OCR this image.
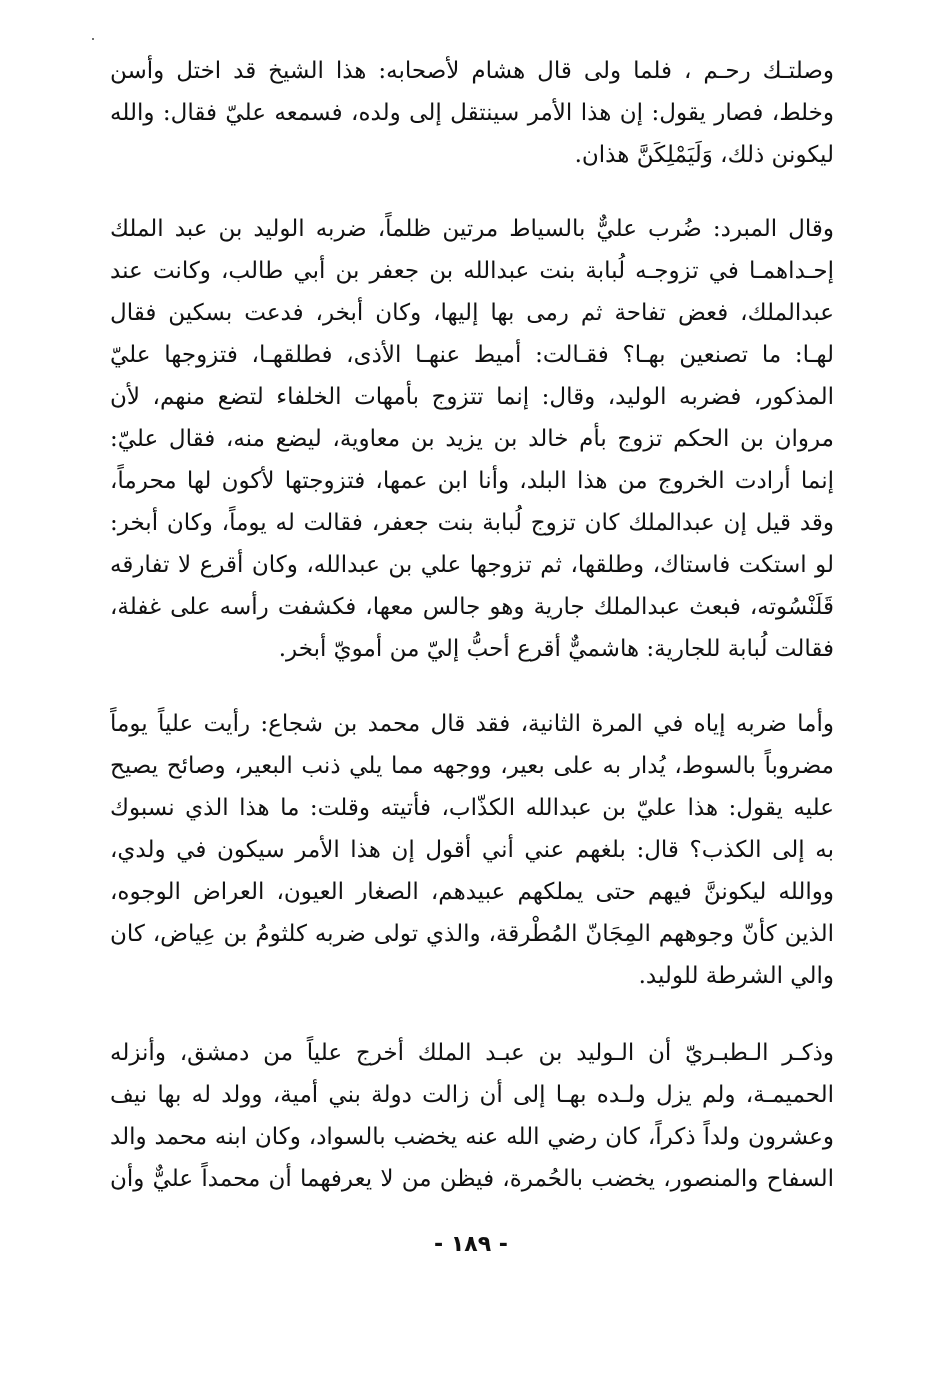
وصلتـك رحـم ، فلما ولى قال هشام لأصحابه: هذا الشيخ قد اختل وأسن
وخلط، فصار يقول: إن هذا الأمر سينتقل إلى ولده، فسمعه عليّ فقال: والله
ليكونن ذلك، وَلَيَمْلِكَنَّ هذان.
وقال المبرد: ضُرب عليٌّ بالسياط مرتين ظلماً، ضربه الوليد بن عبد الملك
إحـداهمـا في تزوجـه لُبابة بنت عبدالله بن جعفر بن أبي طالب، وكانت عند
عبدالملك، فعض تفاحة ثم رمى بها إليها، وكان أبخر، فدعت بسكين فقال
لهـا: ما تصنعين بهـا؟ فقـالت: أميط عنهـا الأذى، فطلقهـا، فتزوجها عليّ
المذكور، فضربه الوليد، وقال: إنما تتزوج بأمهات الخلفاء لتضع منهم، لأن
مروان بن الحكم تزوج بأم خالد بن يزيد بن معاوية، ليضع منه، فقال عليّ:
إنما أرادت الخروج من هذا البلد، وأنا ابن عمها، فتزوجتها لأكون لها محرماً،
وقد قيل إن عبدالملك كان تزوج لُبابة بنت جعفر، فقالت له يوماً، وكان أبخر:
لو استكت فاستاك، وطلقها، ثم تزوجها علي بن عبدالله، وكان أقرع لا تفارقه
قَلَنْسُوته، فبعث عبدالملك جارية وهو جالس معها، فكشفت رأسه على غفلة،
فقالت لُبابة للجارية: هاشميٌّ أقرع أحبُّ إليّ من أمويّ أبخر.
وأما ضربه إياه في المرة الثانية، فقد قال محمد بن شجاع: رأيت علياً يوماً
مضروباً بالسوط، يُدار به على بعير، ووجهه مما يلي ذنب البعير، وصائح يصيح
عليه يقول: هذا عليّ بن عبدالله الكذّاب، فأتيته وقلت: ما هذا الذي نسبوك
به إلى الكذب؟ قال: بلغهم عني أني أقول إن هذا الأمر سيكون في ولدي،
ووالله ليكوننَّ فيهم حتى يملكهم عبيدهم، الصغار العيون، العراض الوجوه،
الذين كأنّ وجوههم المِجَانّ المُطْرقة، والذي تولى ضربه كلثومُ بن عِياض، كان
والي الشرطة للوليد.
وذكـر الـطبـريّ أن الـوليد بن عبـد الملك أخرج علياً من دمشق، وأنزله
الحميمـة، ولم يزل ولـده بهـا إلى أن زالت دولة بني أمية، وولد له بها نيف
وعشرون ولداً ذكراً، كان رضي الله عنه يخضب بالسواد، وكان ابنه محمد والد
السفاح والمنصور، يخضب بالحُمرة، فيظن من لا يعرفهما أن محمداً عليٌّ وأن
- ١٨٩ -
